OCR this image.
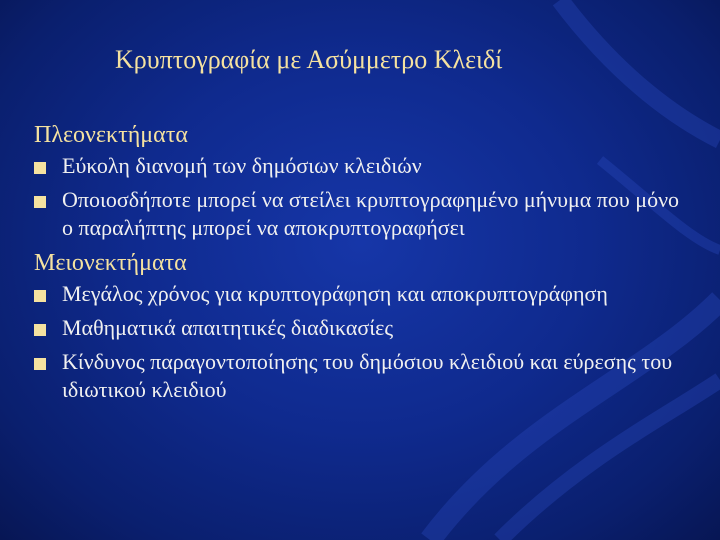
Κρυπτογραφία με Ασύμμετρο Κλειδί

Πλεονεκτήματα

Εύκολη διανομή των δημόσιων κλειδιών
Οποιοσδήποτε μπορεί να στείλει κρυπτογραφημένο μήνυμα που μόνο ο παραλήπτης μπορεί να αποκρυπτογραφήσει

Μειονεκτήματα

Μεγάλος χρόνος για κρυπτογράφηση και αποκρυπτογράφηση
Μαθηματικά απαιτητικές διαδικασίες
Κίνδυνος παραγοντοποίησης του δημόσιου κλειδιού και εύρεσης του ιδιωτικού κλειδιού
